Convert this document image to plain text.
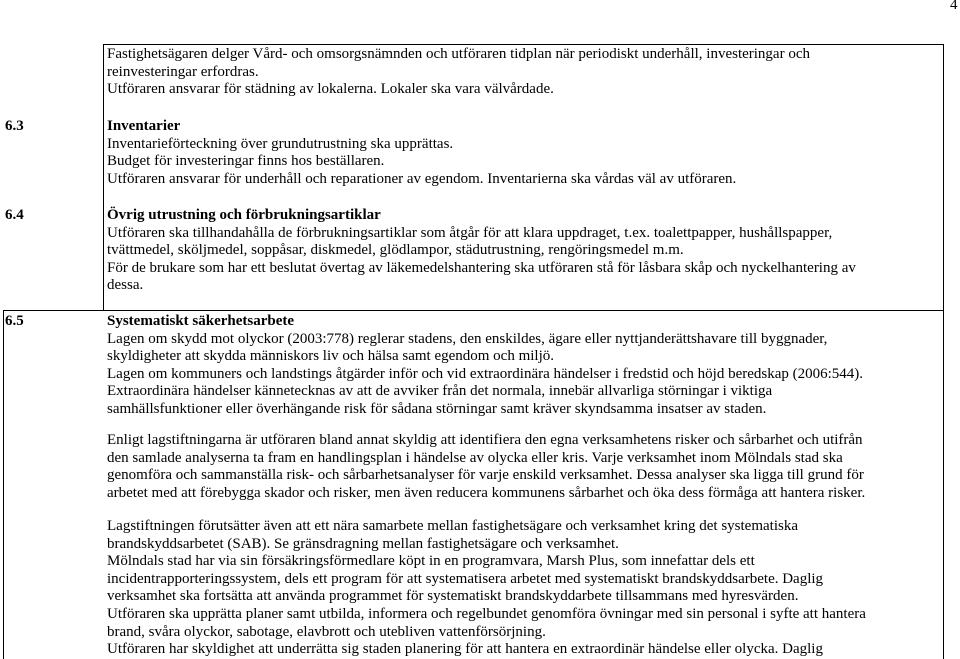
4
Fastighetsägaren delger Vård- och omsorgsnämnden och utföraren tidplan när periodiskt underhåll, investeringar och
reinvesteringar erfordras.
Utföraren ansvarar för städning av lokalerna. Lokaler ska vara välvårdade.
6.3	Inventarier
Inventarieförteckning över grundutrustning ska upprättas.
Budget för investeringar finns hos beställaren.
Utföraren ansvarar för underhåll och reparationer av egendom. Inventarierna ska vårdas väl av utföraren.
6.4	Övrig utrustning och förbrukningsartiklar
Utföraren ska tillhandahålla de förbrukningsartiklar som åtgår för att klara uppdraget, t.ex. toalettpapper, hushållspapper,
tvättmedel, sköljmedel, soppåsar, diskmedel, glödlampor, städutrustning, rengöringsmedel m.m.
För de brukare som har ett beslutat övertag av läkemedelshantering ska utföraren stå för låsbara skåp och nyckelhantering av
dessa.
6.5	Systematiskt säkerhetsarbete
Lagen om skydd mot olyckor (2003:778) reglerar stadens, den enskildes, ägare eller nyttjanderättshavare till byggnader,
skyldigheter att skydda människors liv och hälsa samt egendom och miljö.
Lagen om kommuners och landstings åtgärder inför och vid extraordinära händelser i fredstid och höjd beredskap (2006:544).
Extraordinära händelser kännetecknas av att de avviker från det normala, innebär allvarliga störningar i viktiga
samhällsfunktioner eller överhängande risk för sådana störningar samt kräver skyndsamma insatser av staden.
Enligt lagstiftningarna är utföraren bland annat skyldig att identifiera den egna verksamhetens risker och sårbarhet och utifrån
den samlade analyserna ta fram en handlingsplan i händelse av olycka eller kris. Varje verksamhet inom Mölndals stad ska
genomföra och sammanställa risk- och sårbarhetsanalyser för varje enskild verksamhet. Dessa analyser ska ligga till grund för
arbetet med att förebygga skador och risker, men även reducera kommunens sårbarhet och öka dess förmåga att hantera risker.
Lagstiftningen förutsätter även att ett nära samarbete mellan fastighetsägare och verksamhet kring det systematiska
brandskyddsarbetet (SAB). Se gränsdragning mellan fastighetsägare och verksamhet.
Mölndals stad har via sin försäkringsförmedlare köpt in en programvara, Marsh Plus, som innefattar dels ett
incidentrapporteringssystem, dels ett program för att systematisera arbetet med systematiskt brandskyddsarbete. Daglig
verksamhet ska fortsätta att använda programmet för systematiskt brandskyddarbete tillsammans med hyresvärden.
Utföraren ska upprätta planer samt utbilda, informera och regelbundet genomföra övningar med sin personal i syfte att hantera
brand, svåra olyckor, sabotage, elavbrott och utebliven vattenförsörjning.
Utföraren har skyldighet att underrätta sig staden planering för att hantera en extraordinär händelse eller olycka. Daglig
